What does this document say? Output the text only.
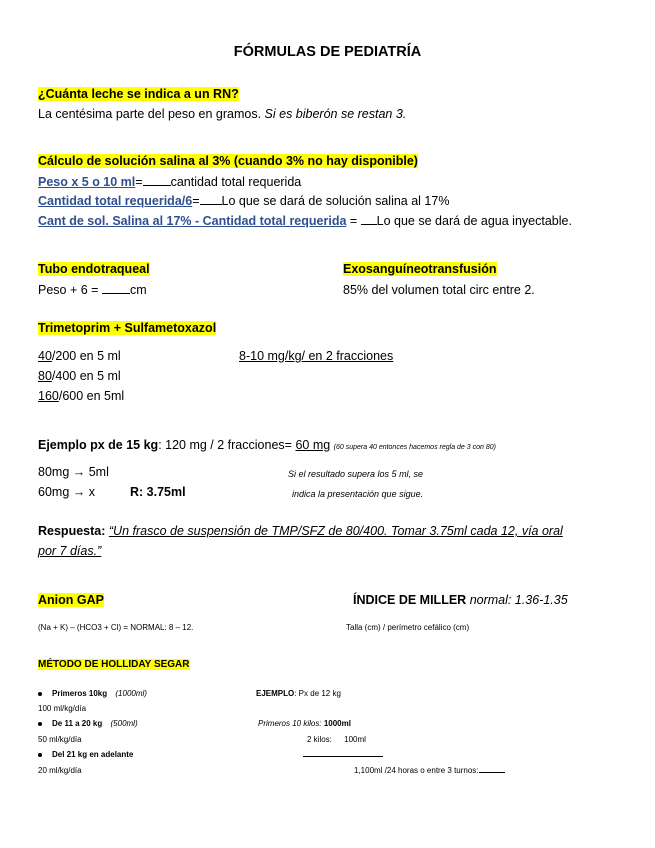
FÓRMULAS DE PEDIATRÍA
¿Cuánta leche se indica a un RN?
La centésima parte del peso en gramos. Si es biberón se restan 3.
Cálculo de solución salina al 3% (cuando 3% no hay disponible)
Peso x 5 o 10 ml= cantidad total requerida
Cantidad total requerida/6= Lo que se dará de solución salina al 17%
Cant de sol. Salina al 17% - Cantidad total requerida = Lo que se dará de agua inyectable.
Tubo endotraqueal
Peso + 6 =	cm
Exosanguíneotransfusión
85% del volumen total circ entre 2.
Trimetoprim + Sulfametoxazol
40/200 en 5 ml
80/400 en 5 ml
160/600 en 5ml
8-10 mg/kg/ en 2 fracciones
Ejemplo px de 15 kg: 120 mg / 2 fracciones= 60 mg (60 supera 40 entonces hacemos regla de 3 con 80)
80mg → 5ml
60mg → x	R: 3.75ml
Si el resultado supera los 5 ml, se
indica la presentación que sigue.
Respuesta: “Un frasco de suspensión de TMP/SFZ de 80/400. Tomar 3.75ml cada 12, vía oral
por 7 días.”
Anion GAP
(Na + K) – (HCO3 + Cl) = NORMAL: 8 – 12.
ÍNDICE DE MILLER normal: 1.36-1.35
Talla (cm) / perímetro cefálico (cm)
MÉTODO DE HOLLIDAY SEGAR
Primeros 10kg (1000ml)
100 ml/kg/día
De 11 a 20 kg (500ml)
50 ml/kg/día
Del 21 kg en adelante
20 ml/kg/día
EJEMPLO: Px de 12 kg
Primeros 10 kilos: 1000ml
2 kilos: 100ml
1,100ml /24 horas o entre 3 turnos:
